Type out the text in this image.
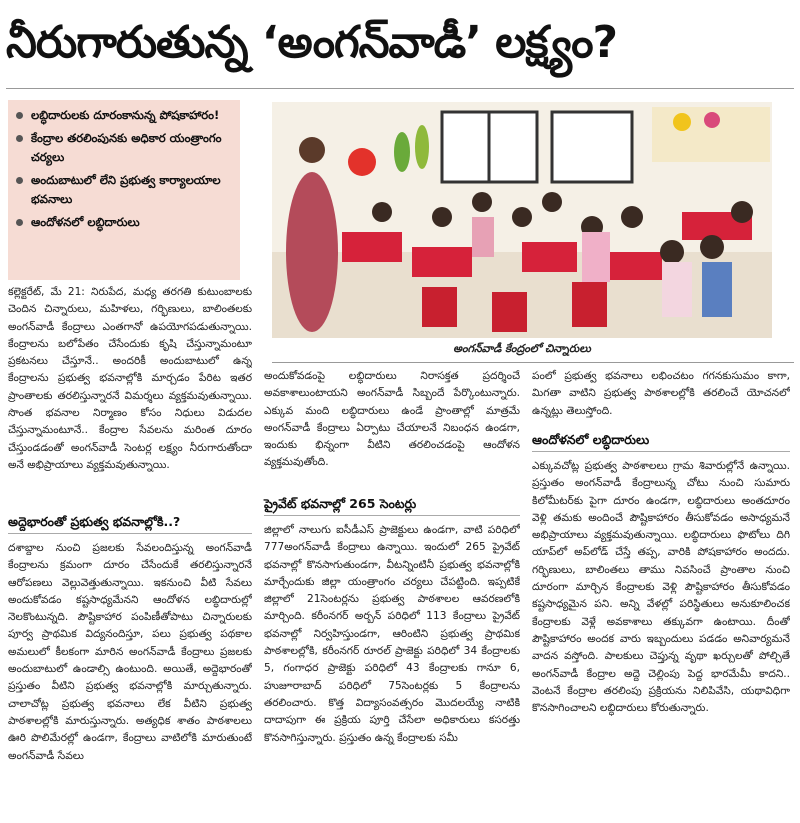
నీరుగారుతున్న ‘అంగన్‌వాడీ’ లక్ష్యం?
లబ్ధిదారులకు దూరంకానున్న పోషకాహారం!
కేంద్రాల తరలింపునకు అధికార యంత్రాంగం చర్యలు
అందుబాటులో లేని ప్రభుత్వ కార్యాలయాల భవనాలు
ఆందోళనలో లబ్ధిదారులు
అంగన్‌వాడీ కేంద్రంలో చిన్నారులు

కల్లెక్టరేట్‌, మే 21: నిరుపేద, మధ్య తరగతి కుటుంబాలకు చెందిన చిన్నారులు, మహిళలు, గర్భిణులు, బాలింతలకు అంగన్‌వాడీ కేంద్రాలు ఎంతగానో ఉపయోగపడుతున్నాయి. కేంద్రాలను బలోపేతం చేసేందుకు కృషి చేస్తున్నామంటూ ప్రకటనలు చేస్తూనే.. అందరికీ అందుబాటులో ఉన్న కేంద్రాలను ప్రభుత్వ భవనాల్లోకి మార్చడం పేరిట ఇతర ప్రాంతాలకు తరలిస్తున్నారనే విమర్శలు వ్యక్తమవుతున్నాయి. సొంత భవనాల నిర్మాణం కోసం నిధులు విడుదల చేస్తున్నామంటూనే.. కేంద్రాల సేవలను మరింత దూరం చేస్తుండడంతో అంగన్‌వాడీ సెంటర్ల లక్ష్యం నీరుగారుతోందా అనే అభిప్రాయాలు వ్యక్తమవుతున్నాయి.

అద్దెభారంతో ప్రభుత్వ భవనాల్లోకి..?

దశాబ్దాల నుంచి ప్రజలకు సేవలందిస్తున్న అంగన్‌వాడీ కేంద్రాలను క్రమంగా దూరం చేసేందుకే తరలిస్తున్నారనే ఆరోపణలు వెల్లువెత్తుతున్నాయి. ఇకనుంచి వీటి సేవలు అందుకోవడం కష్టసాధ్యమేనని ఆందోళన లబ్ధిదారుల్లో నెలకొంటున్నది. పౌష్టికాహార పంపిణీతోపాటు చిన్నారులకు పూర్వ ప్రాథమిక విద్యనందిస్తూ, పలు ప్రభుత్వ పథకాల అమలులో కీలకంగా మారిన అంగన్‌వాడీ కేంద్రాలు ప్రజలకు అందుబాటులో ఉండాల్సి ఉంటుంది. అయితే, అద్దెభారంతో ప్రస్తుతం వీటిని ప్రభుత్వ భవనాల్లోకి మార్చుతున్నారు. చాలాచోట్ల ప్రభుత్వ భవనాలు లేక వీటిని ప్రభుత్వ పాఠశాలల్లోకి మారుస్తున్నారు. అత్యధిక శాతం పాఠశాలలు ఊరి పొలిమేరల్లో ఉండగా, కేంద్రాలు వాటిలోకి మారుతుంటే అంగన్‌వాడీ సేవలు

అందుకోవడంపై లబ్ధిదారులు నిరాసక్తత ప్రదర్శించే అవకాశాలుంటాయని అంగన్‌వాడీ సిబ్బందే పేర్కొంటున్నారు. ఎక్కువ మంది లబ్ధిదారులు ఉండే ప్రాంతాల్లో మాత్రమే అంగన్‌వాడీ కేంద్రాలు ఏర్పాటు చేయాలనే నిబంధన ఉండగా, ఇందుకు భిన్నంగా వీటిని తరలించడంపై ఆందోళన వ్యక్తమవుతోంది.

ప్రైవేట్‌ భవనాల్లో 265 సెంటర్లు

జిల్లాలో నాలుగు ఐసీడీఎస్‌ ప్రాజెక్టులు ఉండగా, వాటి పరిధిలో 777అంగన్‌వాడీ కేంద్రాలు ఉన్నాయి. ఇందులో 265 ప్రైవేట్‌ భవనాల్లో కొనసాగుతుండగా, వీటన్నింటినీ ప్రభుత్వ భవనాల్లోకి మార్చేందుకు జిల్లా యంత్రాంగం చర్యలు చేపట్టింది. ఇప్పటికే జిల్లాలో 21సెంటర్లను ప్రభుత్వ పాఠశాలల ఆవరణలోకి మార్చింది. కరీంనగర్‌ అర్బన్‌ పరిధిలో 113 కేంద్రాలు ప్రైవేట్‌ భవనాల్లో నిర్వహిస్తుండగా, ఆరింటిని ప్రభుత్వ ప్రాథమిక పాఠశాలల్లోకి, కరీంనగర్‌ రూరల్‌ ప్రాజెక్టు పరిధిలో 34 కేంద్రాలకు 5, గంగాధర ప్రాజెక్టు పరిధిలో 43 కేంద్రాలకు గానూ 6, హుజూరాబాద్‌ పరిధిలో 75సెంటర్లకు 5 కేంద్రాలను తరలించారు. కొత్త విద్యాసంవత్సరం మొదలయ్యే నాటికి దాదాపుగా ఈ ప్రక్రియ పూర్తి చేసేలా అధికారులు కసరత్తు కొనసాగిస్తున్నారు. ప్రస్తుతం ఉన్న కేంద్రాలకు సమీ

పంలో ప్రభుత్వ భవనాలు లభించటం గగనకుసుమం కాగా, మిగతా వాటిని ప్రభుత్వ పాఠశాలల్లోకి తరలించే యోచనలో ఉన్నట్లు తెలుస్తోంది.

ఆందోళనలో లబ్ధిదారులు

ఎక్కువచోట్ల ప్రభుత్వ పాఠశాలలు గ్రామ శివారుల్లోనే ఉన్నాయి. ప్రస్తుతం అంగన్‌వాడీ కేంద్రాలున్న చోటు నుంచి సుమారు కిలోమీటర్‌కు పైగా దూరం ఉండగా, లబ్ధిదారులు అంతదూరం వెళ్లి తమకు అందించే పౌష్టికాహారం తీసుకోవడం అసాధ్యమనే అభిప్రాయాలు వ్యక్తమవుతున్నాయి. లబ్ధిదారులు ఫొటోలు దిగి యాప్‌లో అప్‌లోడ్‌ చేస్తే తప్ప, వారికి పోషకాహారం అందదు. గర్భిణులు, బాలింతలు తాము నివసించే ప్రాంతాల నుంచి దూరంగా మార్చిన కేంద్రాలకు వెళ్లి పౌష్టికాహారం తీసుకోవడం కష్టసాధ్యమైన పని. అన్ని వేళల్లో పరిస్థితులు అనుకూలించక కేంద్రాలకు వెళ్లే అవకాశాలు తక్కువగా ఉంటాయి. దీంతో పౌష్టికాహారం అందక వారు ఇబ్బందులు పడడం అనివార్యమనే వాదన వస్తోంది. పాలకులు చెప్తున్న వృథా ఖర్చులతో పోల్చితే అంగన్‌వాడీ కేంద్రాల అద్దె చెల్లింపు పెద్ద భారమేమీ కాదని.. వెంటనే కేంద్రాల తరలింపు ప్రక్రియను నిలిపివేసి, యథావిధిగా కొనసాగించాలని లబ్ధిదారులు కోరుతున్నారు.
